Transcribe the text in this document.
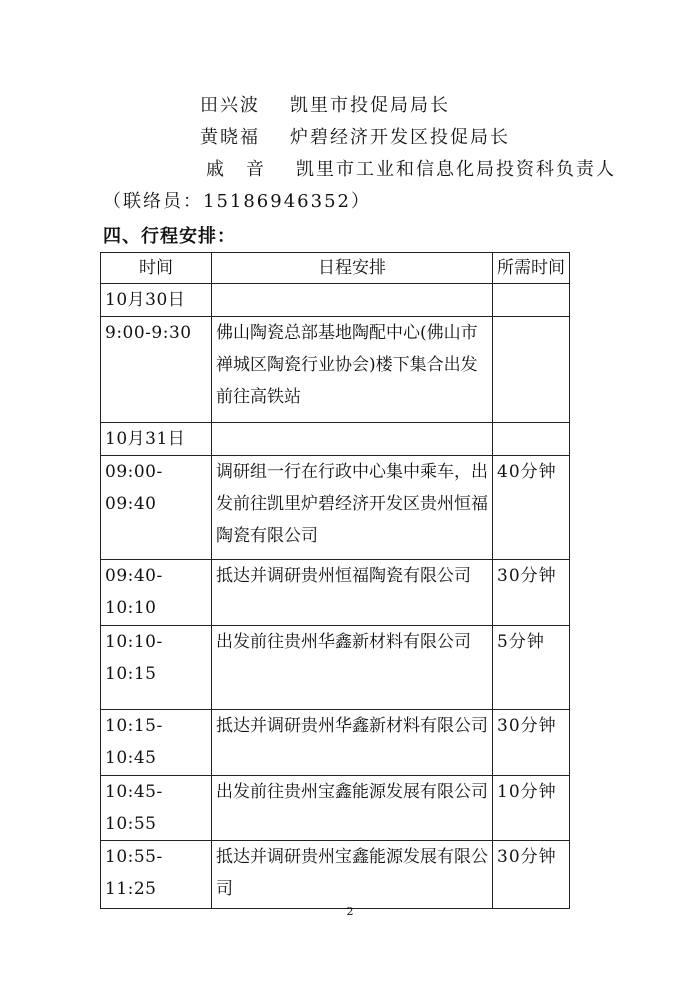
田兴波 凯里市投促局局长
黄晓福 炉碧经济开发区投促局长
戚　音 凯里市工业和信息化局投资科负责人
（联络员：15186946352）
四、行程安排：
时间	日程安排	所需时间
10月30日		
9:00-9:30	佛山陶瓷总部基地陶配中心(佛山市禅城区陶瓷行业协会)楼下集合出发前往高铁站	
10月31日		
09:00-09:40	调研组一行在行政中心集中乘车，出发前往凯里炉碧经济开发区贵州恒福陶瓷有限公司	40分钟
09:40-10:10	抵达并调研贵州恒福陶瓷有限公司	30分钟
10:10-10:15	出发前往贵州华鑫新材料有限公司	5分钟
10:15-10:45	抵达并调研贵州华鑫新材料有限公司	30分钟
10:45-10:55	出发前往贵州宝鑫能源发展有限公司	10分钟
10:55-11:25	抵达并调研贵州宝鑫能源发展有限公司	30分钟
2
